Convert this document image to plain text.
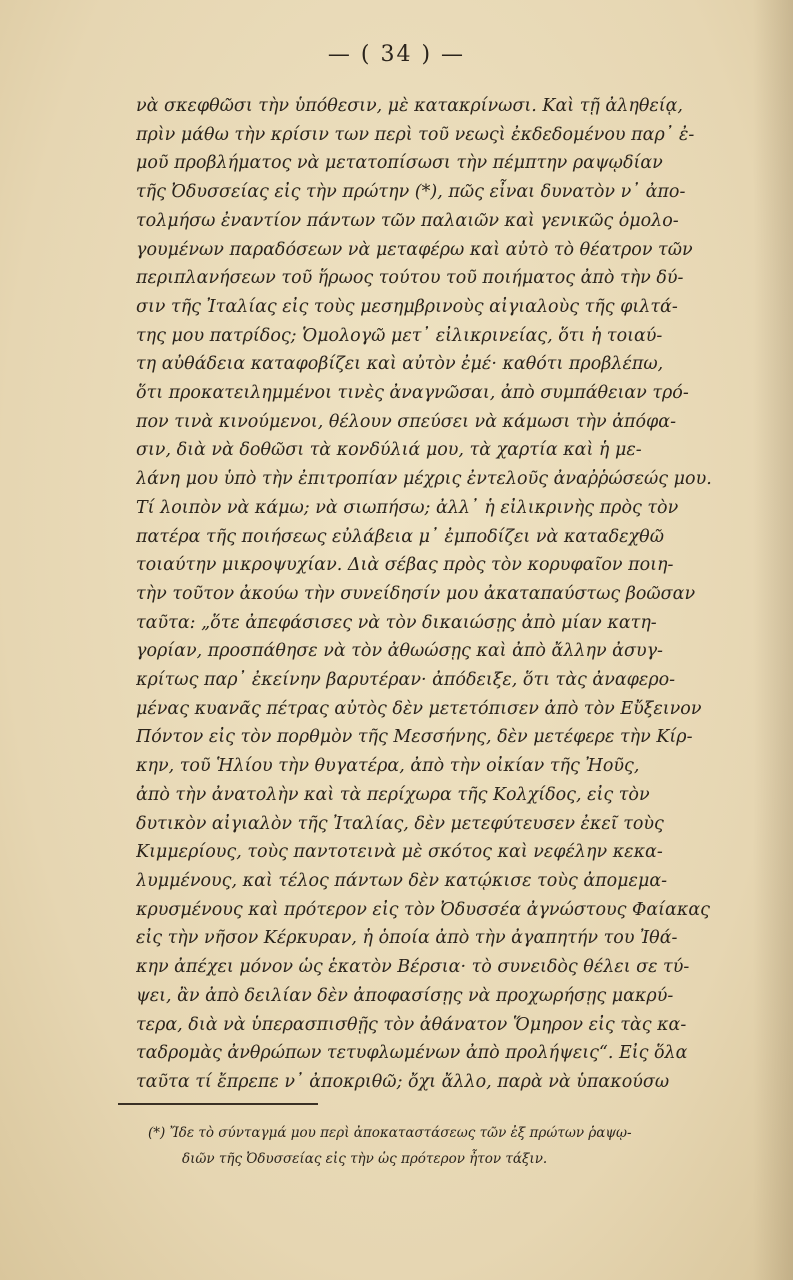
— ( 34 ) —
νὰ σκεφθῶσι τὴν ὑπόθεσιν, μὲ κατακρίνωσι. Καὶ τῇ ἀληθείᾳ,
πρὶν μάθω τὴν κρίσιν των περὶ τοῦ νεωςὶ ἐκδεδομένου παρ᾽ ἐ-
μοῦ προβλήματος νὰ μετατοπίσωσι τὴν πέμπτην ραψῳδίαν
τῆς Ὀδυσσείας εἰς τὴν πρώτην (*), πῶς εἶναι δυνατὸν ν᾽ ἀπο-
τολμήσω ἐναντίον πάντων τῶν παλαιῶν καὶ γενικῶς ὁμολο-
γουμένων παραδόσεων νὰ μεταφέρω καὶ αὐτὸ τὸ θέατρον τῶν
περιπλανήσεων τοῦ ἥρωος τούτου τοῦ ποιήματος ἀπὸ τὴν δύ-
σιν τῆς Ἰταλίας εἰς τοὺς μεσημβρινοὺς αἰγιαλοὺς τῆς φιλτά-
της μου πατρίδος; Ὁμολογῶ μετ᾽ εἰλικρινείας, ὅτι ἡ τοιαύ-
τη αὐθάδεια καταφοβίζει καὶ αὐτὸν ἐμέ· καθότι προβλέπω,
ὅτι προκατειλημμένοι τινὲς ἀναγνῶσαι, ἀπὸ συμπάθειαν τρό-
πον τινὰ κινούμενοι, θέλουν σπεύσει νὰ κάμωσι τὴν ἀπόφα-
σιν, διὰ νὰ δοθῶσι τὰ κονδύλιά μου, τὰ χαρτία καὶ ἡ με-
λάνη μου ὑπὸ τὴν ἐπιτροπίαν μέχρις ἐντελοῦς ἀναῤῥώσεώς μου.
Τί λοιπὸν νὰ κάμω; νὰ σιωπήσω; ἀλλ᾽ ἡ εἰλικρινὴς πρὸς τὸν
πατέρα τῆς ποιήσεως εὐλάβεια μ᾽ ἐμποδίζει νὰ καταδεχθῶ
τοιαύτην μικροψυχίαν. Διὰ σέβας πρὸς τὸν κορυφαῖον ποιη-
τὴν τοῦτον ἀκούω τὴν συνείδησίν μου ἀκαταπαύστως βοῶσαν
ταῦτα: „ὅτε ἀπεφάσισες νὰ τὸν δικαιώσῃς ἀπὸ μίαν κατη-
γορίαν, προσπάθησε νὰ τὸν ἀθωώσῃς καὶ ἀπὸ ἄλλην ἀσυγ-
κρίτως παρ᾽ ἐκείνην βαρυτέραν· ἀπόδειξε, ὅτι τὰς ἀναφερο-
μένας κυανᾶς πέτρας αὐτὸς δὲν μετετόπισεν ἀπὸ τὸν Εὔξεινον
Πόντον εἰς τὸν πορθμὸν τῆς Μεσσήνης, δὲν μετέφερε τὴν Κίρ-
κην, τοῦ Ἡλίου τὴν θυγατέρα, ἀπὸ τὴν οἰκίαν τῆς Ἠοῦς,
ἀπὸ τὴν ἀνατολὴν καὶ τὰ περίχωρα τῆς Κολχίδος, εἰς τὸν
δυτικὸν αἰγιαλὸν τῆς Ἰταλίας, δὲν μετεφύτευσεν ἐκεῖ τοὺς
Κιμμερίους, τοὺς παντοτεινὰ μὲ σκότος καὶ νεφέλην κεκα-
λυμμένους, καὶ τέλος πάντων δὲν κατῴκισε τοὺς ἀπομεμα-
κρυσμένους καὶ πρότερον εἰς τὸν Ὀδυσσέα ἀγνώστους Φαίακας
εἰς τὴν νῆσον Κέρκυραν, ἡ ὁποία ἀπὸ τὴν ἀγαπητήν του Ἰθά-
κην ἀπέχει μόνον ὡς ἑκατὸν Βέρσια· τὸ συνειδὸς θέλει σε τύ-
ψει, ἂν ἀπὸ δειλίαν δὲν ἀποφασίσῃς νὰ προχωρήσῃς μακρύ-
τερα, διὰ νὰ ὑπερασπισθῇς τὸν ἀθάνατον Ὅμηρον εἰς τὰς κα-
ταδρομὰς ἀνθρώπων τετυφλωμένων ἀπὸ προλήψεις“. Εἰς ὅλα
ταῦτα τί ἔπρεπε ν᾽ ἀποκριθῶ; ὄχι ἄλλο, παρὰ νὰ ὑπακούσω
(*) Ἴδε τὸ σύνταγμά μου περὶ ἀποκαταστάσεως τῶν ἐξ πρώτων ῥαψῳ-
διῶν τῆς Ὀδυσσείας εἰς τὴν ὡς πρότερον ἦτον τάξιν.
